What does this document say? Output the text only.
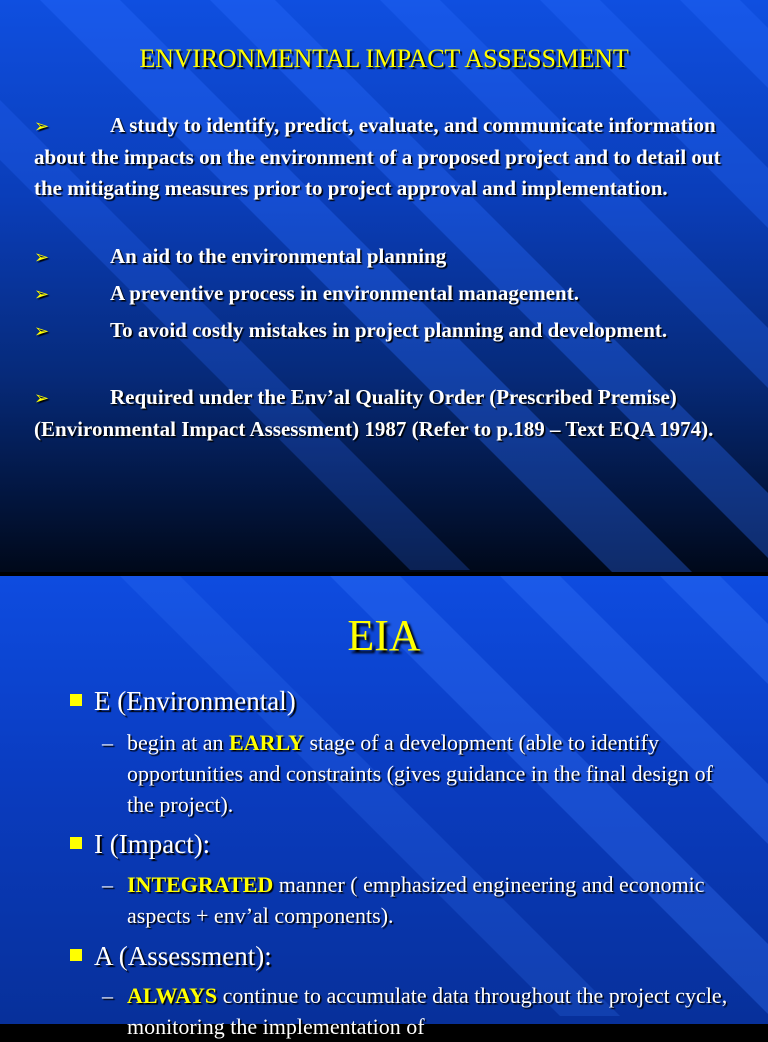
ENVIRONMENTAL IMPACT ASSESSMENT
➢	A study to identify, predict, evaluate, and communicate information about the impacts on the environment of a proposed project and to detail out the mitigating measures prior to project approval and implementation.
➢	An aid to the environmental planning
➢	A preventive process in environmental management.
➢	To avoid costly mistakes in project planning and development.
➢	Required under the Env’al Quality Order (Prescribed Premise) (Environmental Impact Assessment) 1987 (Refer to p.189 – Text EQA 1974).
EIA
E (Environmental)
– begin at an EARLY stage of a development (able to identify opportunities and constraints (gives guidance in the final design of the project).
I (Impact):
– INTEGRATED manner ( emphasized engineering and economic aspects + env’al components).
A (Assessment):
– ALWAYS continue to accumulate data throughout the project cycle, monitoring the implementation of
